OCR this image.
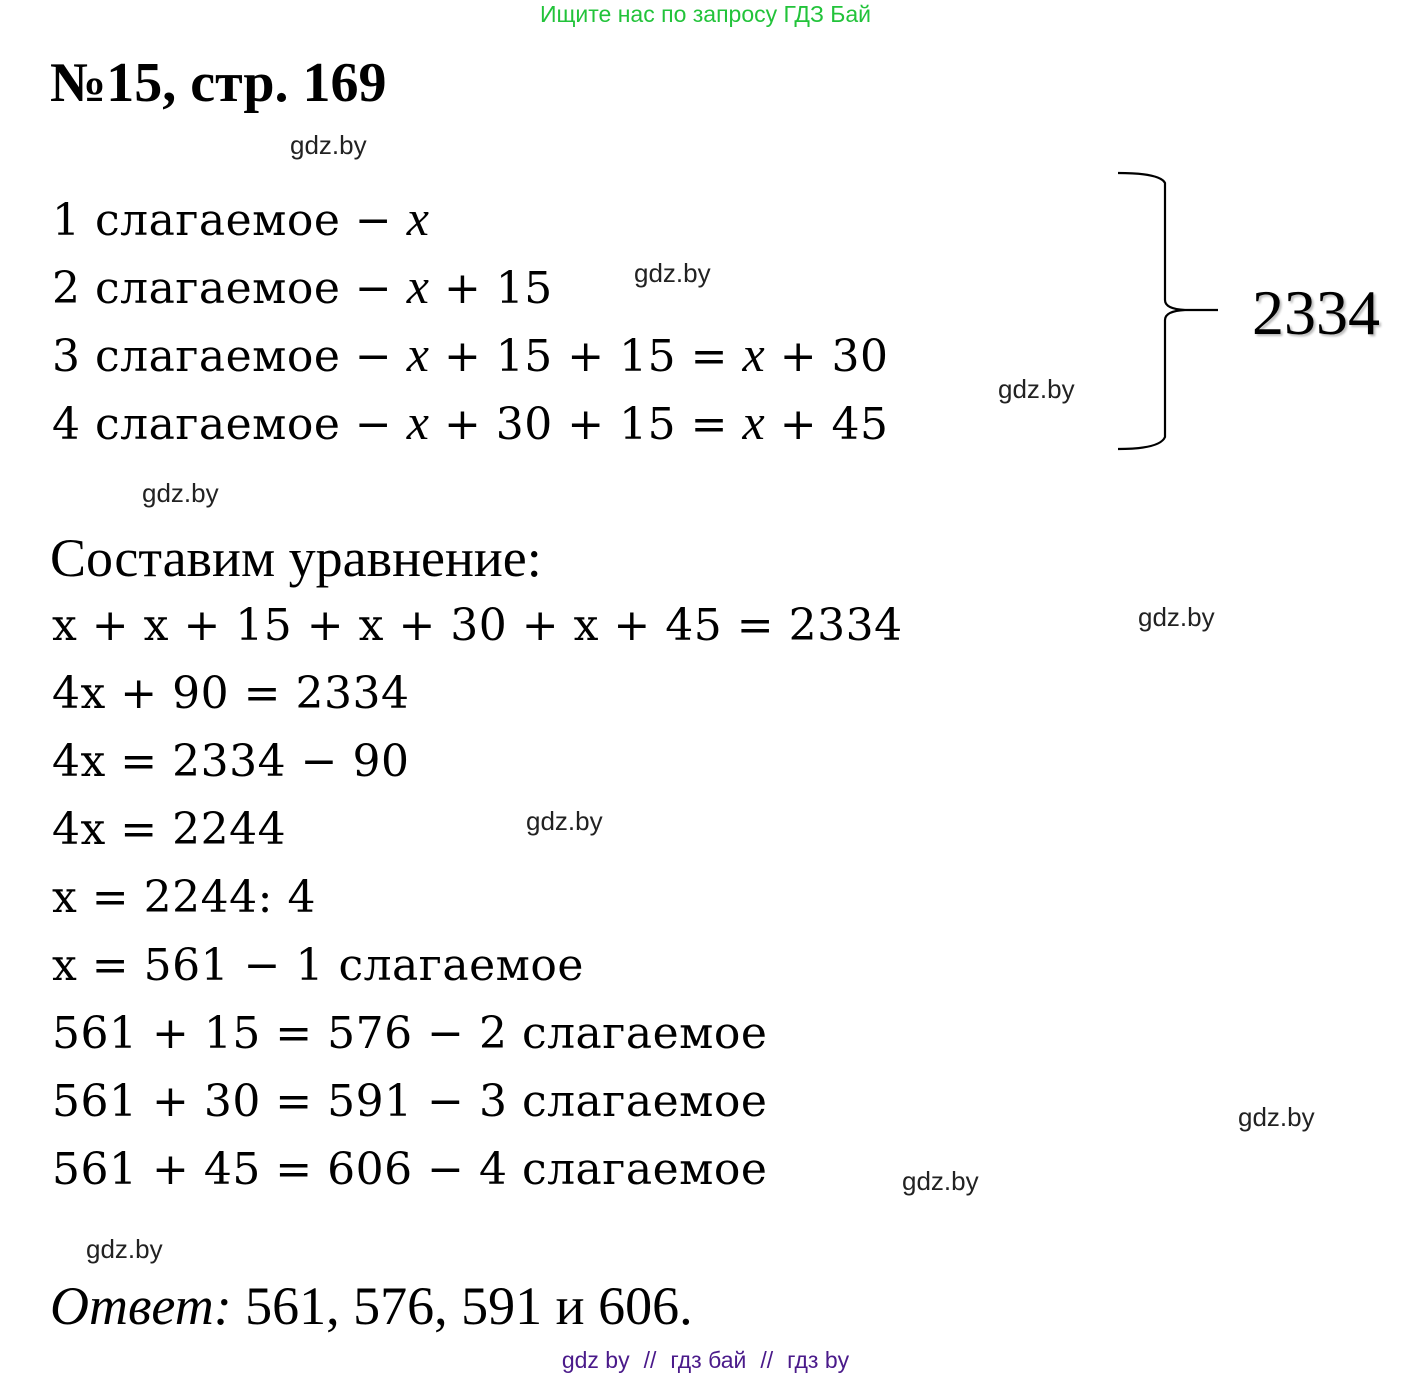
Ищите нас по запросу ГДЗ Бай
№15, стр. 169
gdz.by
gdz.by
gdz.by
gdz.by
gdz.by
gdz.by
gdz.by
gdz.by
gdz.by
1 слагаемое − x
2 слагаемое − x + 15
3 слагаемое − x + 15 + 15 = x + 30
4 слагаемое − x + 30 + 15 = x + 45
2334
Составим уравнение:
x + x + 15 + x + 30 + x + 45 = 2334
4x + 90 = 2334
4x = 2334 − 90
4x = 2244
x = 2244: 4
x = 561 − 1 слагаемое
561 + 15 = 576 − 2 слагаемое
561 + 30 = 591 − 3 слагаемое
561 + 45 = 606 − 4 слагаемое
Ответ: 561, 576, 591 и 606.
gdz by // гдз бай // гдз by
